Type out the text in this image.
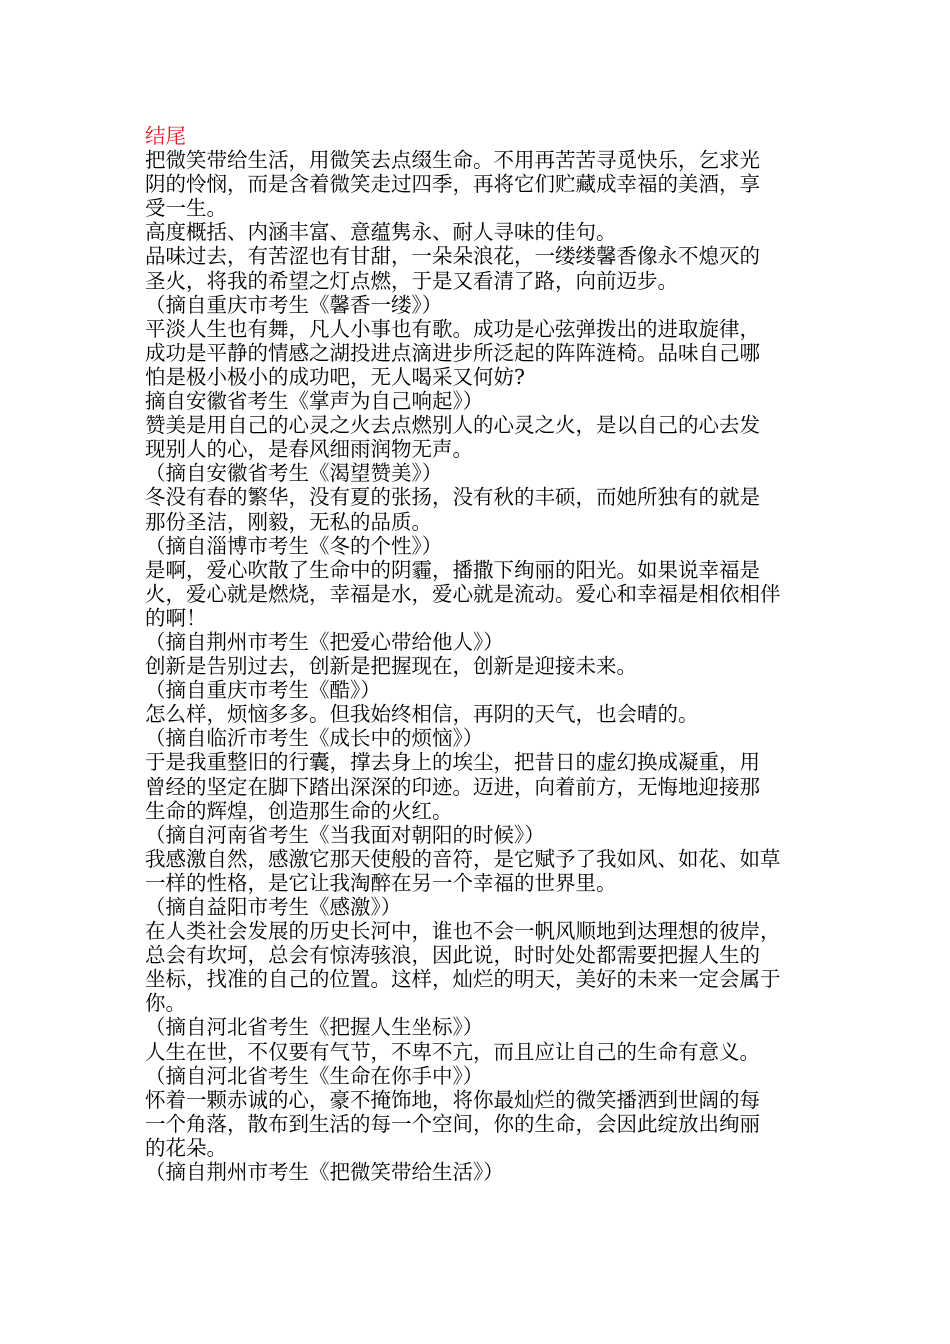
结尾
把微笑带给生活，用微笑去点缀生命。不用再苦苦寻觅快乐，乞求光
阴的怜悯，而是含着微笑走过四季，再将它们贮藏成幸福的美酒，享
受一生。
高度概括、内涵丰富、意蕴隽永、耐人寻味的佳句。
品味过去，有苦涩也有甘甜，一朵朵浪花，一缕缕馨香像永不熄灭的
圣火，将我的希望之灯点燃，于是又看清了路，向前迈步。
（摘自重庆市考生《馨香一缕》）
平淡人生也有舞，凡人小事也有歌。成功是心弦弹拨出的进取旋律，
成功是平静的情感之湖投进点滴进步所泛起的阵阵涟椅。品味自己哪
怕是极小极小的成功吧，无人喝采又何妨?
摘自安徽省考生《掌声为自己响起》）
赞美是用自己的心灵之火去点燃别人的心灵之火，是以自己的心去发
现别人的心，是春风细雨润物无声。
（摘自安徽省考生《渴望赞美》）
冬没有春的繁华，没有夏的张扬，没有秋的丰硕，而她所独有的就是
那份圣洁，刚毅，无私的品质。
（摘自淄博市考生《冬的个性》）
是啊，爱心吹散了生命中的阴霾，播撒下绚丽的阳光。如果说幸福是
火，爱心就是燃烧，幸福是水，爱心就是流动。爱心和幸福是相依相伴
的啊！
（摘自荆州市考生《把爱心带给他人》）
创新是告别过去，创新是把握现在，创新是迎接未来。
（摘自重庆市考生《酷》）
怎么样，烦恼多多。但我始终相信，再阴的天气，也会晴的。
（摘自临沂市考生《成长中的烦恼》）
于是我重整旧的行囊，撑去身上的埃尘，把昔日的虚幻换成凝重，用
曾经的坚定在脚下踏出深深的印迹。迈进，向着前方，无悔地迎接那
生命的辉煌，创造那生命的火红。
（摘自河南省考生《当我面对朝阳的时候》）
我感激自然，感激它那天使般的音符，是它赋予了我如风、如花、如草
一样的性格，是它让我淘醉在另一个幸福的世界里。
（摘自益阳市考生《感激》）
在人类社会发展的历史长河中，谁也不会一帆风顺地到达理想的彼岸，
总会有坎坷，总会有惊涛骇浪，因此说，时时处处都需要把握人生的
坐标，找准的自己的位置。这样，灿烂的明天，美好的未来一定会属于
你。
（摘自河北省考生《把握人生坐标》）
人生在世，不仅要有气节，不卑不亢，而且应让自己的生命有意义。
（摘自河北省考生《生命在你手中》）
怀着一颗赤诚的心，豪不掩饰地，将你最灿烂的微笑播洒到世阔的每
一个角落，散布到生活的每一个空间，你的生命，会因此绽放出绚丽
的花朵。
（摘自荆州市考生《把微笑带给生活》）
